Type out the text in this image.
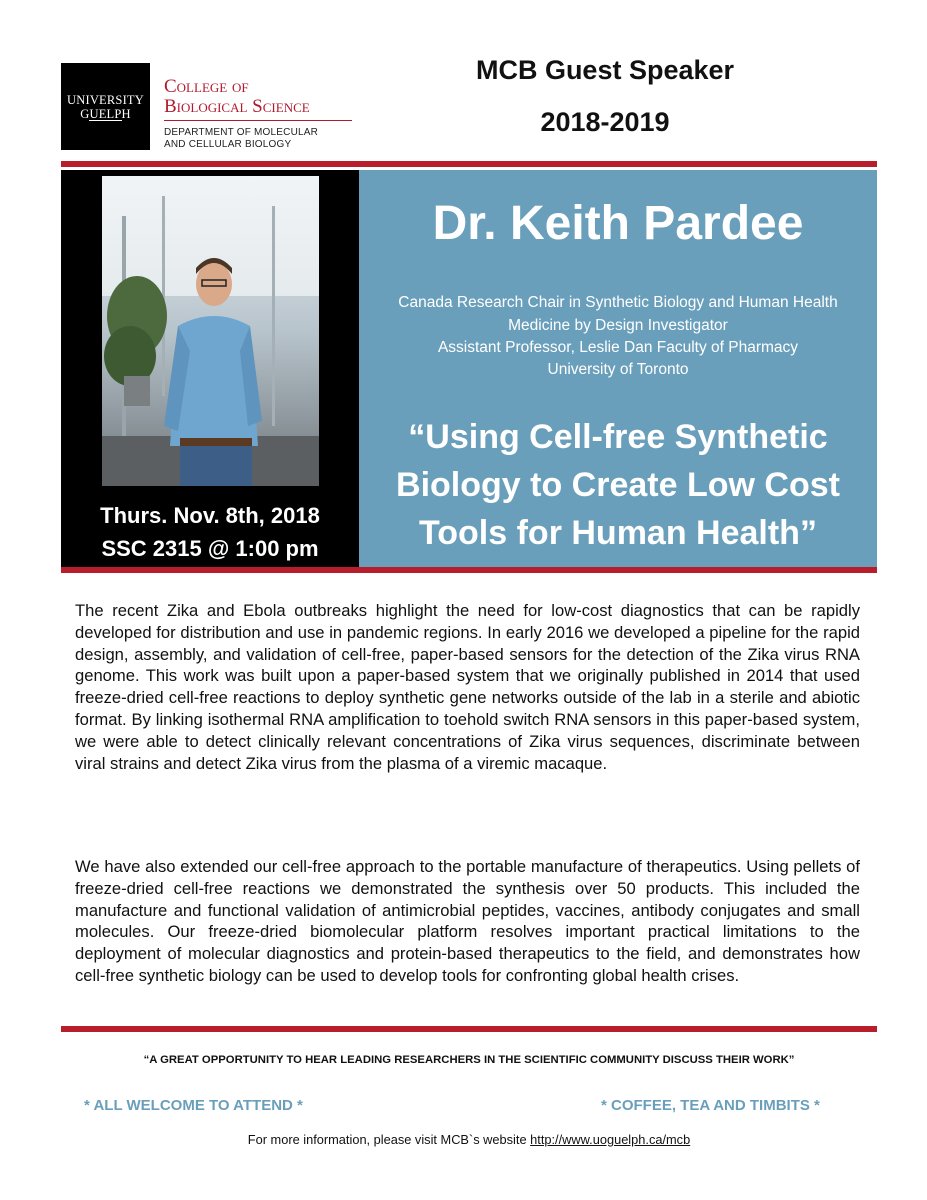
UNIVERSITY
GUELPH
College of
Biological Science
DEPARTMENT OF MOLECULAR
AND CELLULAR BIOLOGY
MCB Guest Speaker
2018-2019
Thurs. Nov. 8th, 2018
SSC 2315 @ 1:00 pm
Dr. Keith Pardee
Canada Research Chair in Synthetic Biology and Human Health
Medicine by Design Investigator
Assistant Professor, Leslie Dan Faculty of Pharmacy
University of Toronto
“Using Cell-free Synthetic
Biology to Create Low Cost
Tools for Human Health”
The recent Zika and Ebola outbreaks highlight the need for low-cost diagnostics that can be rapidly developed for distribution and use in pandemic regions. In early 2016 we developed a pipeline for the rapid design, assembly, and validation of cell-free, paper-based sensors for the detection of the Zika virus RNA genome. This work was built upon a paper-based system that we originally published in 2014 that used freeze-dried cell-free reactions to deploy synthetic gene networks outside of the lab in a sterile and abiotic format. By linking isothermal RNA amplification to toehold switch RNA sensors in this paper-based system, we were able to detect clinically relevant concentrations of Zika virus sequences, discriminate between viral strains and detect Zika virus from the plasma of a viremic macaque.
We have also extended our cell-free approach to the portable manufacture of therapeutics. Using pellets of freeze-dried cell-free reactions we demonstrated the synthesis over 50 products. This included the manufacture and functional validation of antimicrobial peptides, vaccines, antibody conjugates and small molecules. Our freeze-dried biomolecular platform resolves important practical limitations to the deployment of molecular diagnostics and protein-based therapeutics to the field, and demonstrates how cell-free synthetic biology can be used to develop tools for confronting global health crises.
“A GREAT OPPORTUNITY TO HEAR LEADING RESEARCHERS IN THE SCIENTIFIC COMMUNITY DISCUSS THEIR WORK”
* ALL WELCOME TO ATTEND *	* COFFEE, TEA AND TIMBITS *
For more information, please visit MCB`s website http://www.uoguelph.ca/mcb
